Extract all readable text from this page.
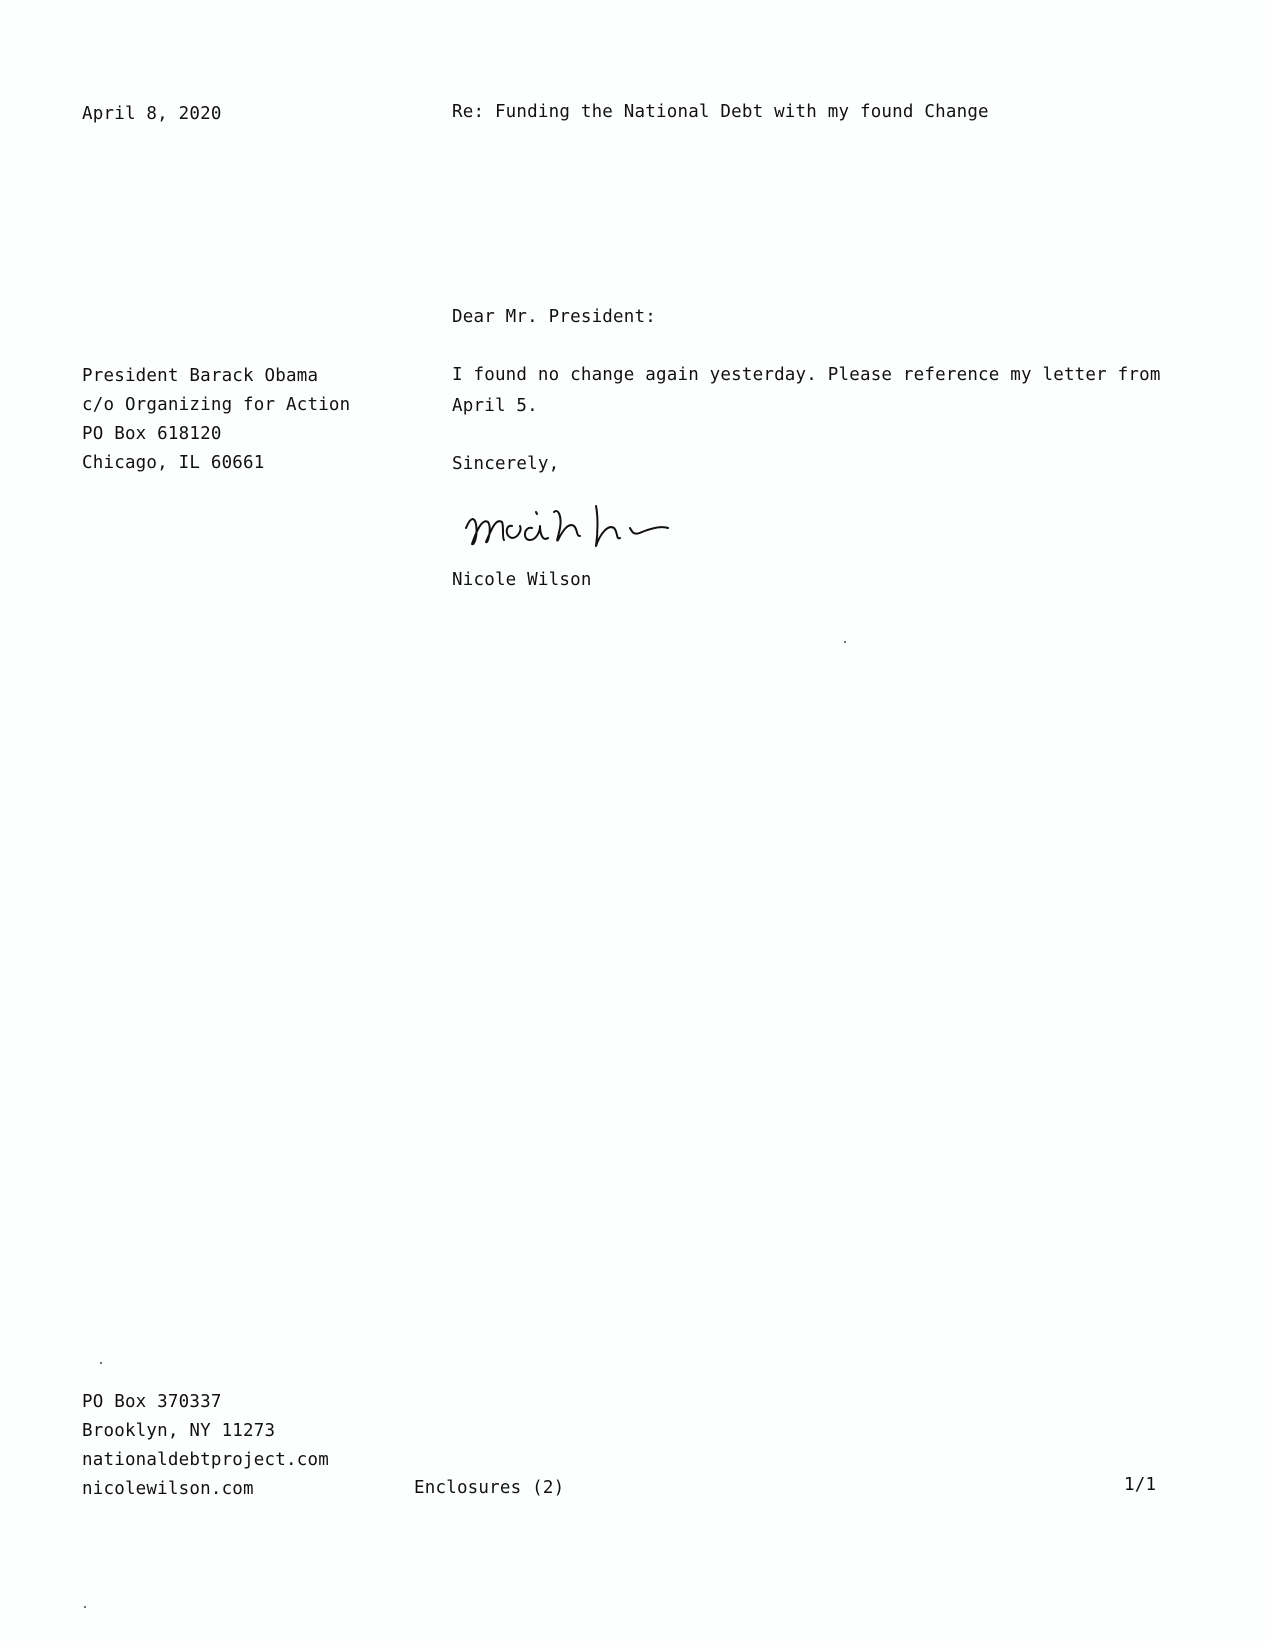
April 8, 2020	Re: Funding the National Debt with my found Change
Dear Mr. President:
President Barack Obama
c/o Organizing for Action
PO Box 618120
Chicago, IL 60661
I found no change again yesterday. Please reference my letter from
April 5.
Sincerely,
Nicole Wilson
PO Box 370337
Brooklyn, NY 11273
nationaldebtproject.com
nicolewilson.com	Enclosures (2)	1/1
